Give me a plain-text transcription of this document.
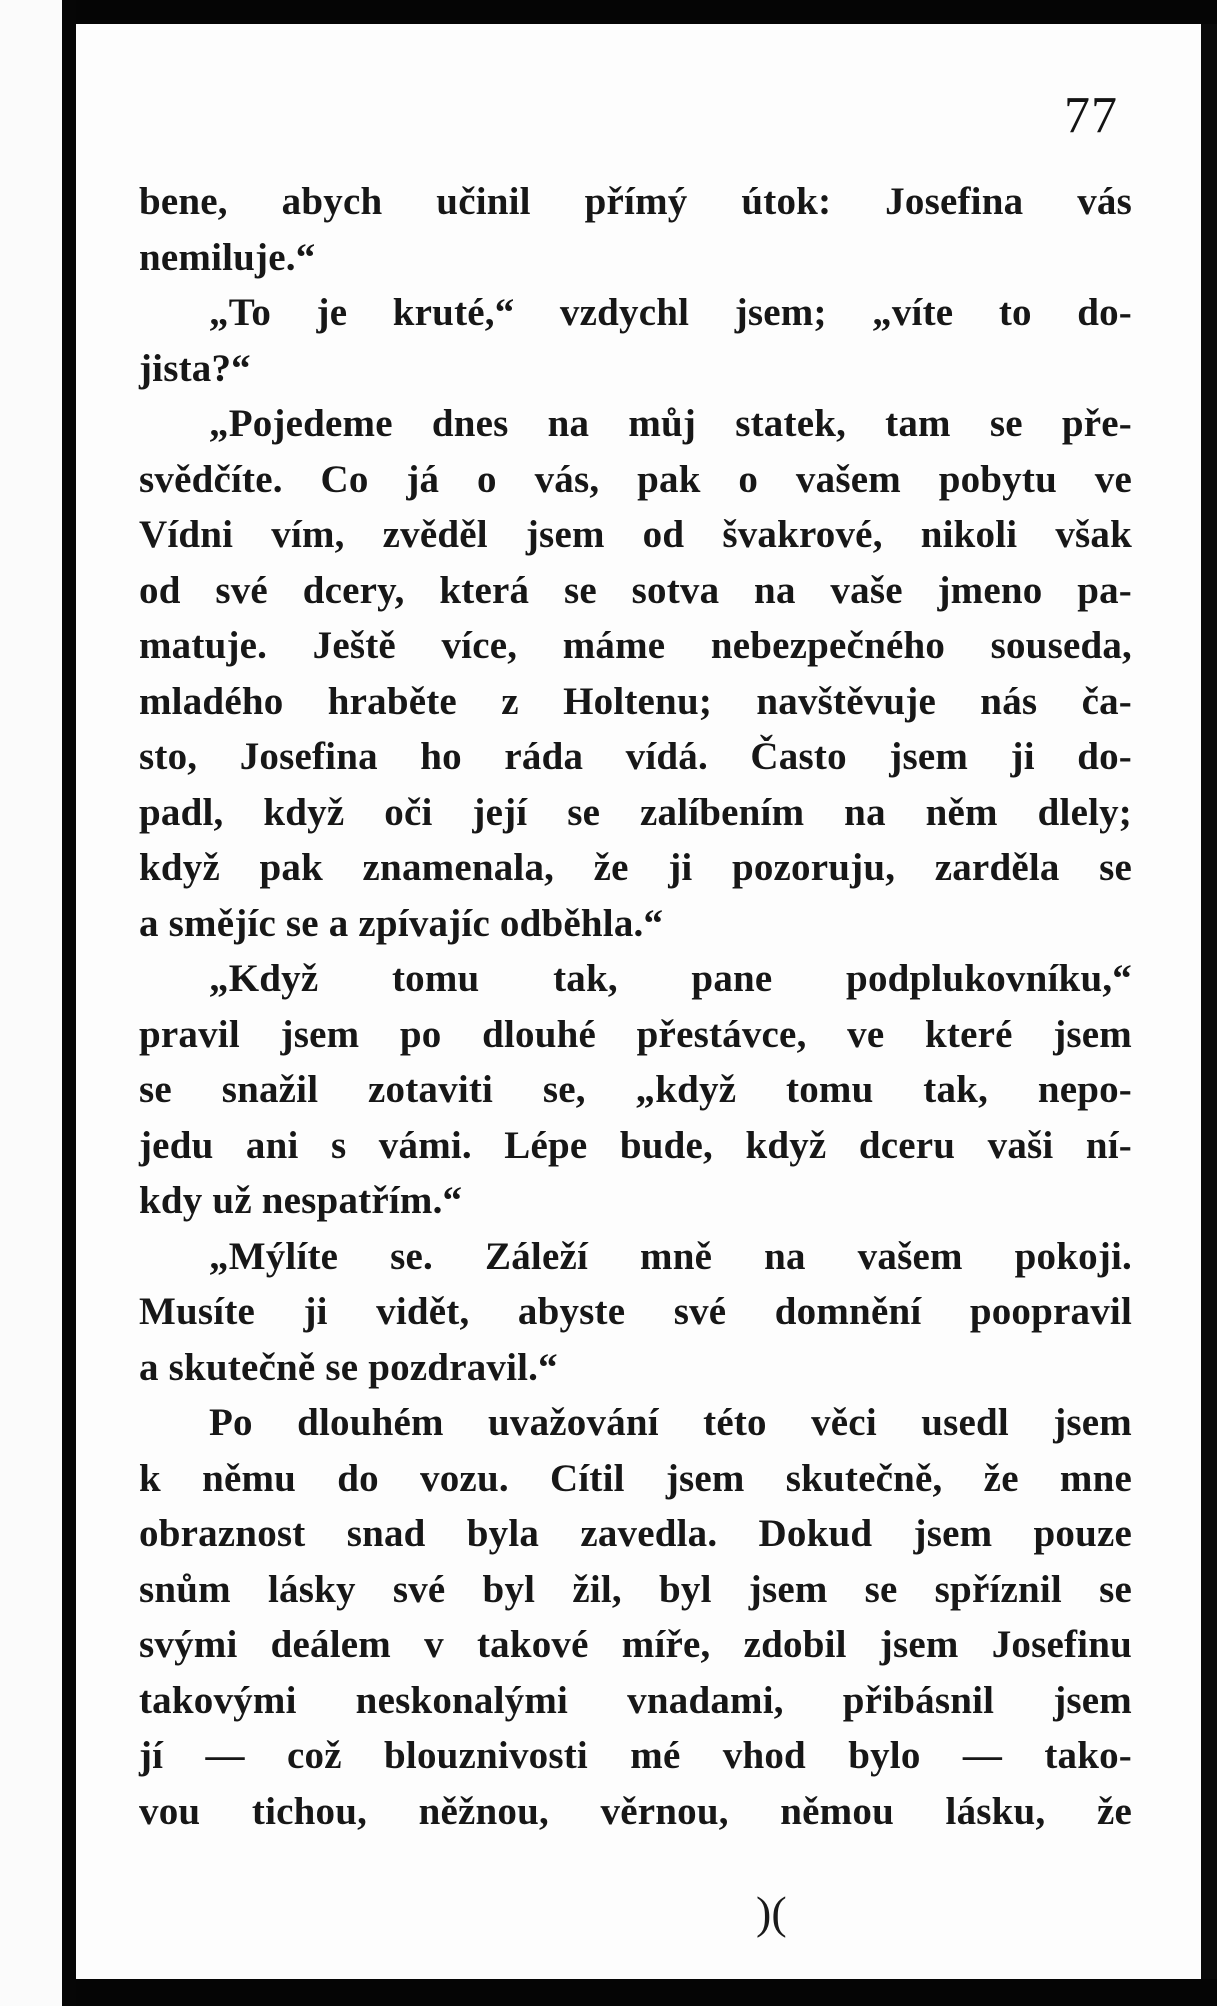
77
bene, abych učinil přímý útok: Josefina vás
nemiluje.“
„To je kruté,“ vzdychl jsem; „víte to do-
jista?“
„Pojedeme dnes na můj statek, tam se pře-
svědčíte. Co já o vás, pak o vašem pobytu ve
Vídni vím, zvěděl jsem od švakrové, nikoli však
od své dcery, která se sotva na vaše jmeno pa-
matuje. Ještě více, máme nebezpečného souseda,
mladého hraběte z Holtenu; navštěvuje nás ča-
sto, Josefina ho ráda vídá. Často jsem ji do-
padl, když oči její se zalíbením na něm dlely;
když pak znamenala, že ji pozoruju, zarděla se
a smějíc se a zpívajíc odběhla.“
„Když tomu tak, pane podplukovníku,“
pravil jsem po dlouhé přestávce, ve které jsem
se snažil zotaviti se, „když tomu tak, nepo-
jedu ani s vámi. Lépe bude, když dceru vaši ní-
kdy už nespatřím.“
„Mýlíte se. Záleží mně na vašem pokoji.
Musíte ji vidět, abyste své domnění poopravil
a skutečně se pozdravil.“
Po dlouhém uvažování této věci usedl jsem
k němu do vozu. Cítil jsem skutečně, že mne
obraznost snad byla zavedla. Dokud jsem pouze
snům lásky své byl žil, byl jsem se spříznil se
svými deálem v takové míře, zdobil jsem Josefinu
takovými neskonalými vnadami, přibásnil jsem
jí — což blouznivosti mé vhod bylo — tako-
vou tichou, něžnou, věrnou, němou lásku, že
)(
